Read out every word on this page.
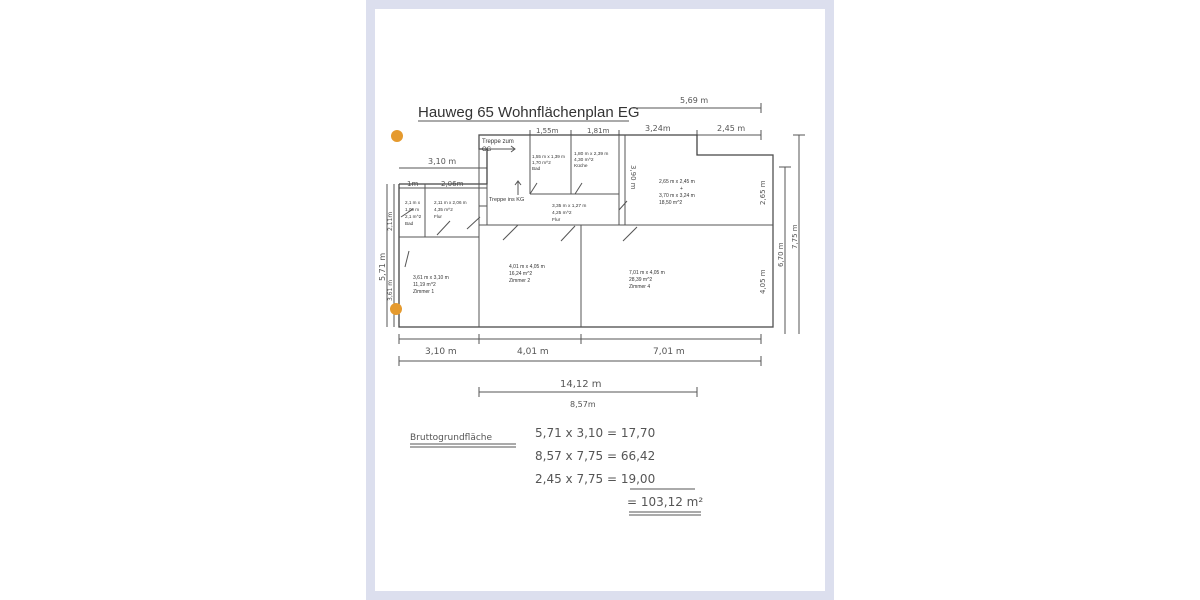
Hauweg 65 Wohnflächenplan EG
5,69 m
1,55m	1,81m	3,24m	2,45 m
3,10 m
1m	2,06m	3,90 m
2,65 m
4,05 m
6,70 m
7,75 m
5,71 m
2,11m
3,61 m
3,10 m	4,01 m	7,01 m
14,12 m
8,57m
1,55 m x 1,39 m
1,70 m^2
Bad
1,80 m x 2,39 m
4,30 m^2
Küche
Treppe zum
OG
Treppe ins KG
2,65 m x 2,45 m
+
3,70 m x 3,24 m
18,50 m^2
2,1 m x
1,00 m
2,1 m^2
Bad
2,11 m x 2,06 m
4,35 m^2
Flur
3,35 m x 1,27 m
4,25 m^2
Flur
3,61 m x 3,10 m
11,19 m^2
Zimmer 1
4,01 m x 4,05 m
16,24 m^2
Zimmer 2
7,01 m x 4,05 m
28,39 m^2
Zimmer 4
Bruttogrundfläche	5,71 x 3,10 = 17,70
8,57 x 7,75 = 66,42
2,45 x 7,75 = 19,00
= 103,12 m²
